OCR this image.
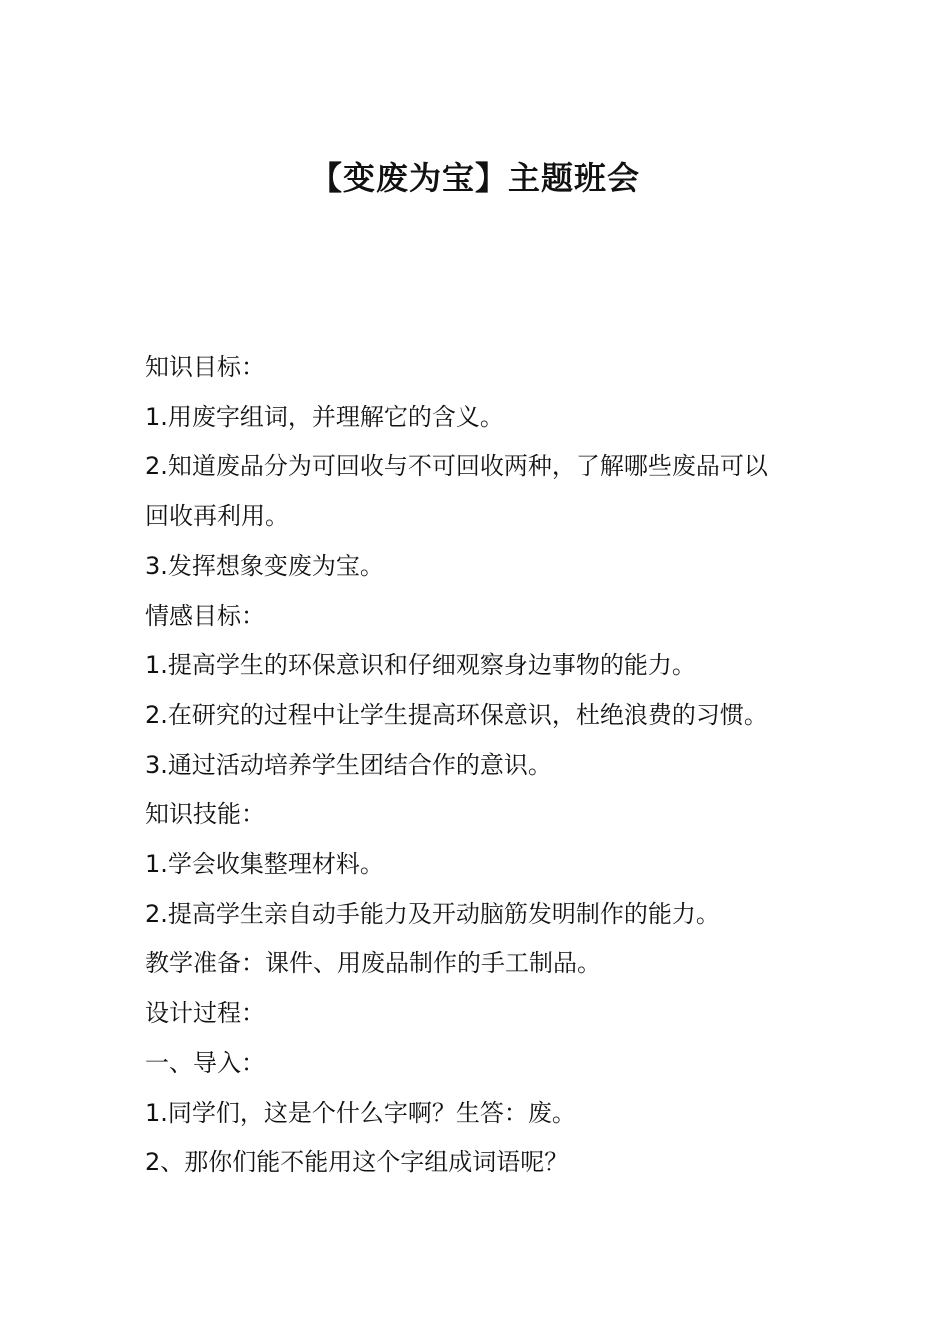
【变废为宝】主题班会
知识目标：
1.用废字组词，并理解它的含义。
2.知道废品分为可回收与不可回收两种，了解哪些废品可以
回收再利用。
3.发挥想象变废为宝。
情感目标：
1.提高学生的环保意识和仔细观察身边事物的能力。
2.在研究的过程中让学生提高环保意识，杜绝浪费的习惯。
3.通过活动培养学生团结合作的意识。
知识技能：
1.学会收集整理材料。
2.提高学生亲自动手能力及开动脑筋发明制作的能力。
教学准备：课件、用废品制作的手工制品。
设计过程：
一、导入：
1.同学们，这是个什么字啊？生答：废。
2、那你们能不能用这个字组成词语呢？
